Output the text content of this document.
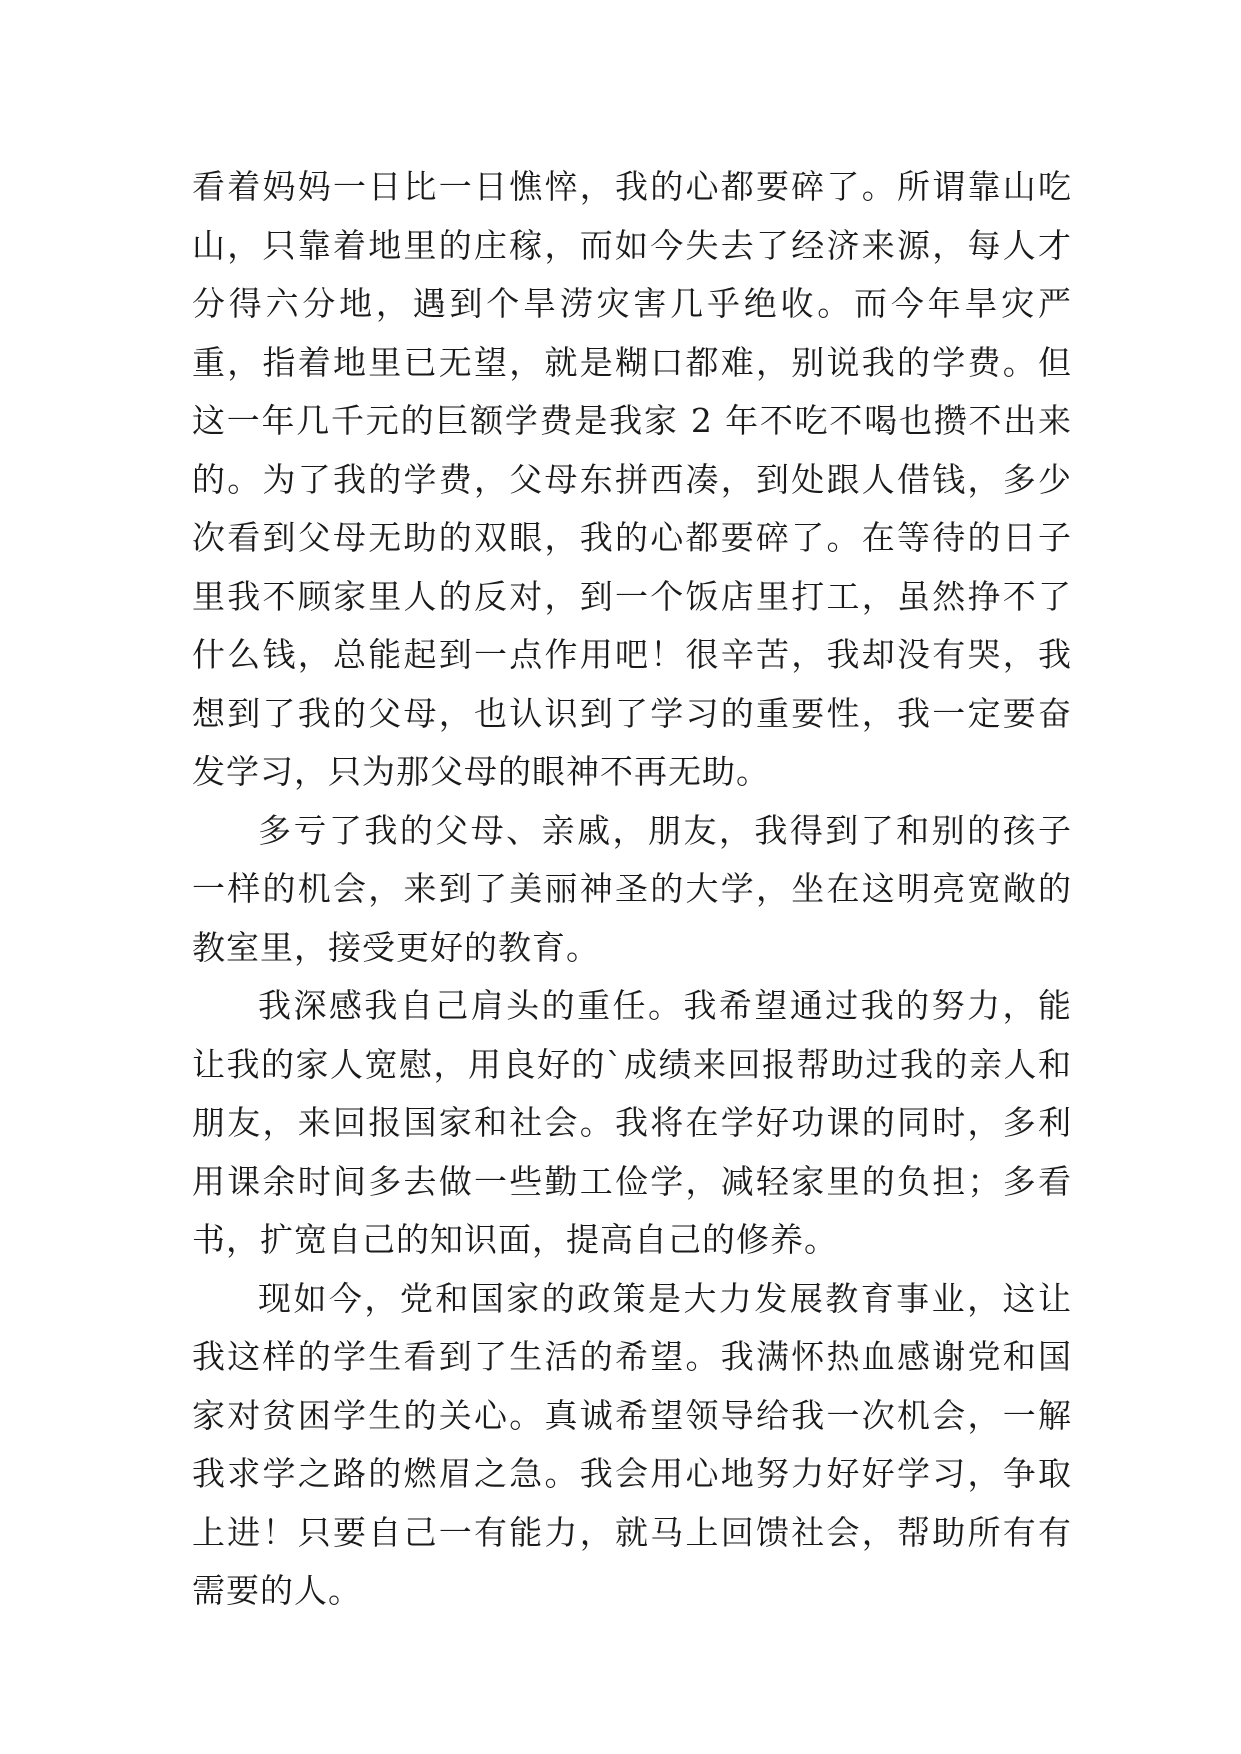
看着妈妈一日比一日憔悴，我的心都要碎了。所谓靠山吃山，只靠着地里的庄稼，而如今失去了经济来源，每人才分得六分地，遇到个旱涝灾害几乎绝收。而今年旱灾严重，指着地里已无望，就是糊口都难，别说我的学费。但这一年几千元的巨额学费是我家 2 年不吃不喝也攒不出来的。为了我的学费，父母东拼西凑，到处跟人借钱，多少次看到父母无助的双眼，我的心都要碎了。在等待的日子里我不顾家里人的反对，到一个饭店里打工，虽然挣不了什么钱，总能起到一点作用吧！很辛苦，我却没有哭，我想到了我的父母，也认识到了学习的重要性，我一定要奋发学习，只为那父母的眼神不再无助。

多亏了我的父母、亲戚，朋友，我得到了和别的孩子一样的机会，来到了美丽神圣的大学，坐在这明亮宽敞的教室里，接受更好的教育。

我深感我自己肩头的重任。我希望通过我的努力，能让我的家人宽慰，用良好的`成绩来回报帮助过我的亲人和朋友，来回报国家和社会。我将在学好功课的同时，多利用课余时间多去做一些勤工俭学，减轻家里的负担；多看书，扩宽自己的知识面，提高自己的修养。

现如今，党和国家的政策是大力发展教育事业，这让我这样的学生看到了生活的希望。我满怀热血感谢党和国家对贫困学生的关心。真诚希望领导给我一次机会，一解我求学之路的燃眉之急。我会用心地努力好好学习，争取上进！只要自己一有能力，就马上回馈社会，帮助所有有需要的人。
